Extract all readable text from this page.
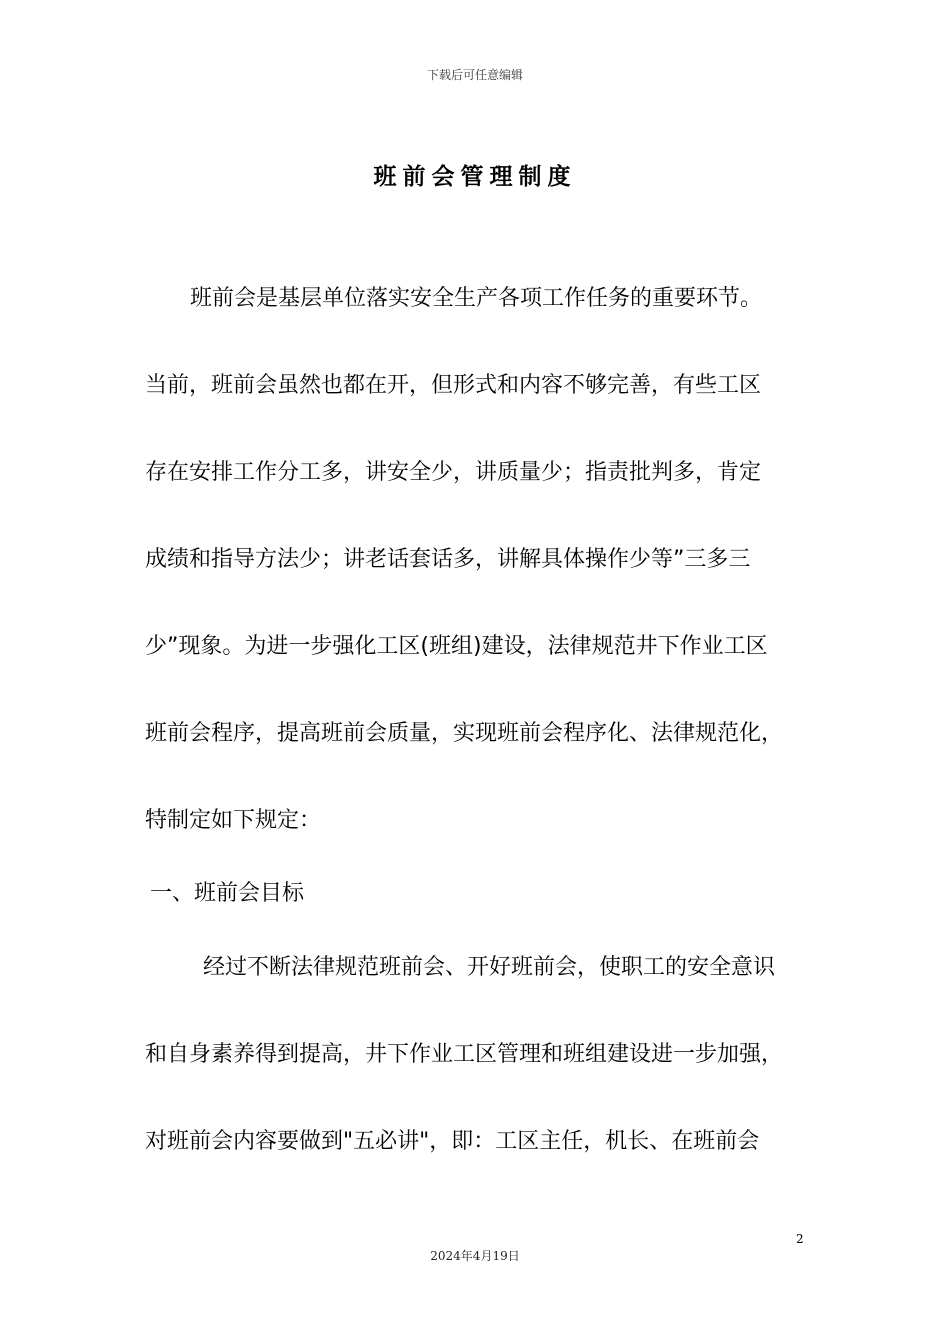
下载后可任意编辑
班前会管理制度
班前会是基层单位落实安全生产各项工作任务的重要环节。
当前，班前会虽然也都在开，但形式和内容不够完善，有些工区
存在安排工作分工多，讲安全少，讲质量少；指责批判多，肯定
成绩和指导方法少；讲老话套话多，讲解具体操作少等”三多三
少”现象。为进一步强化工区(班组)建设，法律规范井下作业工区
班前会程序，提高班前会质量，实现班前会程序化、法律规范化，
特制定如下规定：
一、班前会目标
经过不断法律规范班前会、开好班前会，使职工的安全意识
和自身素养得到提高，井下作业工区管理和班组建设进一步加强，
对班前会内容要做到"五必讲"，即：工区主任，机长、在班前会
2
2024年4月19日
